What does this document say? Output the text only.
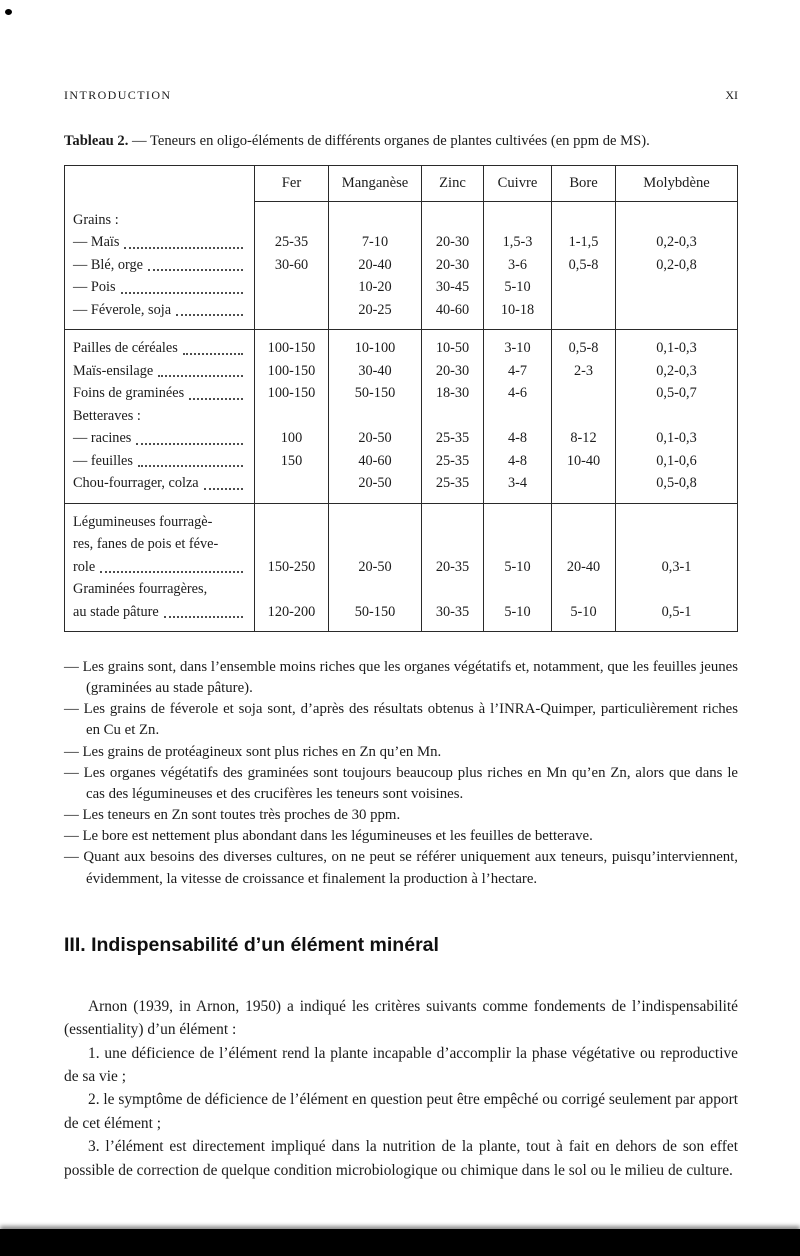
INTRODUCTION	XI

Tableau 2. — Teneurs en oligo-éléments de différents organes de plantes cultivées (en ppm de MS).

	Fer	Manganèse	Zinc	Cuivre	Bore	Molybdène

Grains :						

— Maïs	25-35	7-10	20-30	1,5-3	1-1,5	0,2-0,3

— Blé, orge	30-60	20-40	20-30	3-6	0,5-8	0,2-0,8

— Pois		10-20	30-45	5-10		

— Féverole, soja		20-25	40-60	10-18		

Pailles de céréales	100-150	10-100	10-50	3-10	0,5-8	0,1-0,3

Maïs-ensilage	100-150	30-40	20-30	4-7	2-3	0,2-0,3

Foins de graminées	100-150	50-150	18-30	4-6		0,5-0,7

Betteraves :						

— racines	100	20-50	25-35	4-8	8-12	0,1-0,3

— feuilles	150	40-60	25-35	4-8	10-40	0,1-0,6

Chou-fourrager, colza		20-50	25-35	3-4		0,5-0,8

Légumineuses fourragè-
res, fanes de pois et féve-
role	150-250	20-50	20-35	5-10	20-40	0,3-1

Graminées fourragères,
au stade pâture	120-200	50-150	30-35	5-10	5-10	0,5-1
— Les grains sont, dans l’ensemble moins riches que les organes végétatifs et, notamment, que les feuilles jeunes (graminées au stade pâture).
— Les grains de féverole et soja sont, d’après des résultats obtenus à l’INRA-Quimper, particulièrement riches en Cu et Zn.
— Les grains de protéagineux sont plus riches en Zn qu’en Mn.
— Les organes végétatifs des graminées sont toujours beaucoup plus riches en Mn qu’en Zn, alors que dans le cas des légumineuses et des crucifères les teneurs sont voisines.
— Les teneurs en Zn sont toutes très proches de 30 ppm.
— Le bore est nettement plus abondant dans les légumineuses et les feuilles de betterave.
— Quant aux besoins des diverses cultures, on ne peut se référer uniquement aux teneurs, puisqu’interviennent, évidemment, la vitesse de croissance et finalement la production à l’hectare.
III. Indispensabilité d’un élément minéral

Arnon (1939, in Arnon, 1950) a indiqué les critères suivants comme fondements de l’indispensabilité (essentiality) d’un élément :

1. une déficience de l’élément rend la plante incapable d’accomplir la phase végétative ou reproductive de sa vie ;

2. le symptôme de déficience de l’élément en question peut être empêché ou corrigé seulement par apport de cet élément ;

3. l’élément est directement impliqué dans la nutrition de la plante, tout à fait en dehors de son effet possible de correction de quelque condition microbiologique ou chimique dans le sol ou le milieu de culture.
